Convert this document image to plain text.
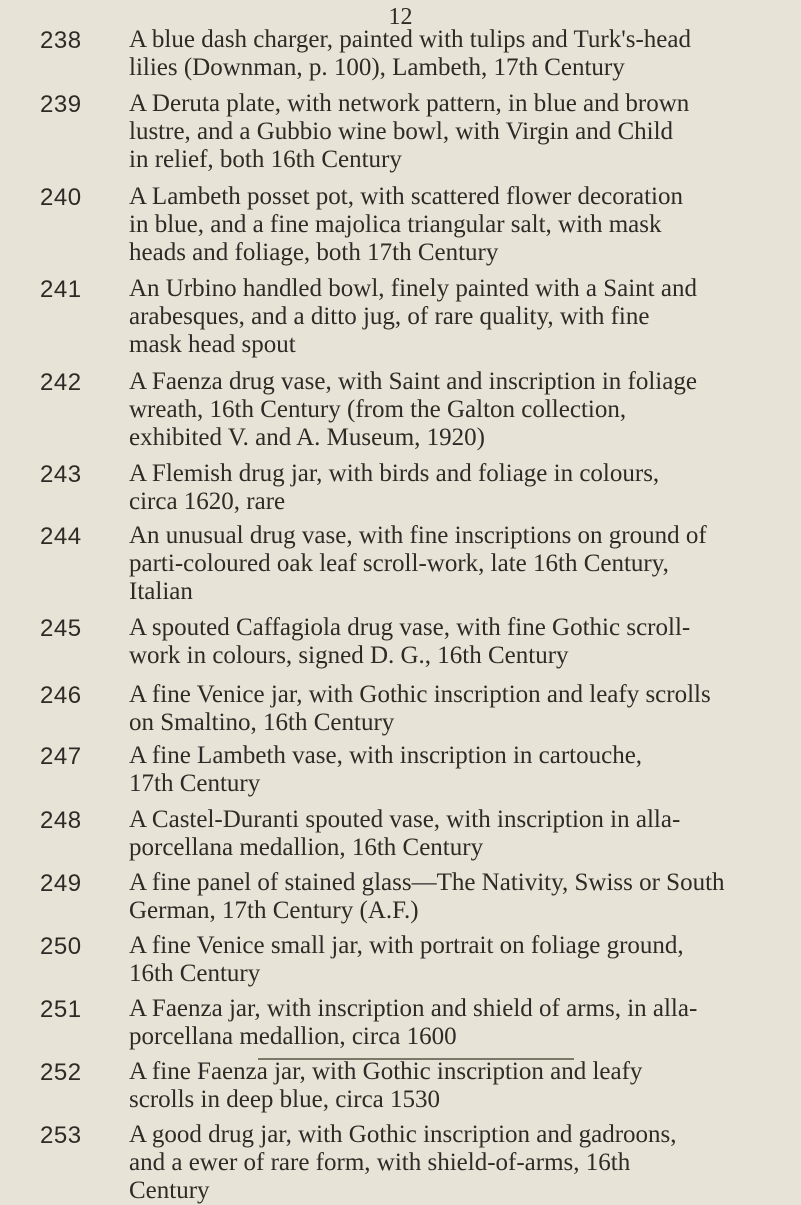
12
238 A blue dash charger, painted with tulips and Turk's-head
lilies (Downman, p. 100), Lambeth, 17th Century

239 A Deruta plate, with network pattern, in blue and brown
lustre, and a Gubbio wine bowl, with Virgin and Child
in relief, both 16th Century

240 A Lambeth posset pot, with scattered flower decoration
in blue, and a fine majolica triangular salt, with mask
heads and foliage, both 17th Century

241 An Urbino handled bowl, finely painted with a Saint and
arabesques, and a ditto jug, of rare quality, with fine
mask head spout

242 A Faenza drug vase, with Saint and inscription in foliage
wreath, 16th Century (from the Galton collection,
exhibited V. and A. Museum, 1920)

243 A Flemish drug jar, with birds and foliage in colours,
circa 1620, rare

244 An unusual drug vase, with fine inscriptions on ground of
parti-coloured oak leaf scroll-work, late 16th Century,
Italian

245 A spouted Caffagiola drug vase, with fine Gothic scroll-
work in colours, signed D. G., 16th Century

246 A fine Venice jar, with Gothic inscription and leafy scrolls
on Smaltino, 16th Century

247 A fine Lambeth vase, with inscription in cartouche,
17th Century

248 A Castel-Duranti spouted vase, with inscription in alla-
porcellana medallion, 16th Century

249 A fine panel of stained glass—The Nativity, Swiss or South
German, 17th Century (A.F.)

250 A fine Venice small jar, with portrait on foliage ground,
16th Century

251 A Faenza jar, with inscription and shield of arms, in alla-
porcellana medallion, circa 1600

252 A fine Faenza jar, with Gothic inscription and leafy
scrolls in deep blue, circa 1530

253 A good drug jar, with Gothic inscription and gadroons,
and a ewer of rare form, with shield-of-arms, 16th
Century
